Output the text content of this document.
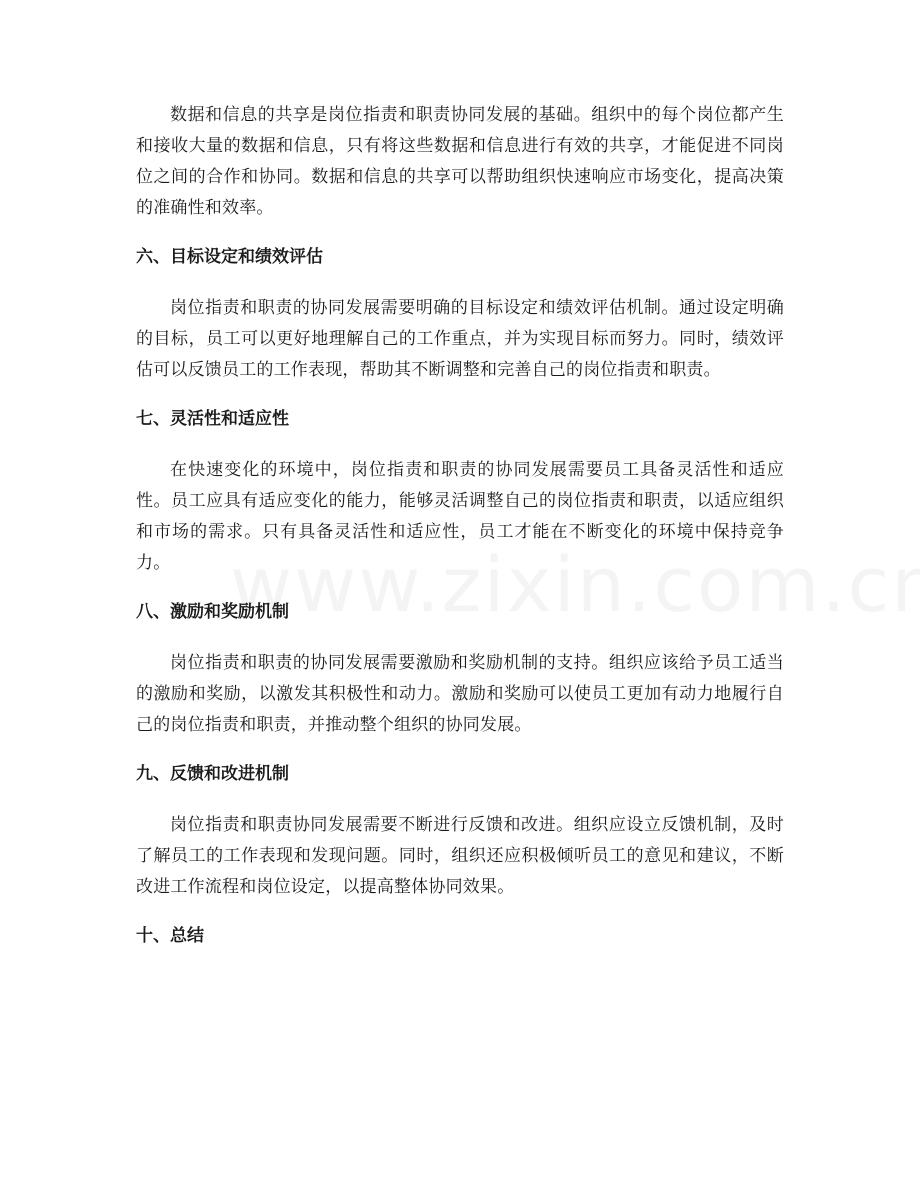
数据和信息的共享是岗位指责和职责协同发展的基础。组织中的每个岗位都产生和接收大量的数据和信息，只有将这些数据和信息进行有效的共享，才能促进不同岗位之间的合作和协同。数据和信息的共享可以帮助组织快速响应市场变化，提高决策的准确性和效率。

六、目标设定和绩效评估

岗位指责和职责的协同发展需要明确的目标设定和绩效评估机制。通过设定明确的目标，员工可以更好地理解自己的工作重点，并为实现目标而努力。同时，绩效评估可以反馈员工的工作表现，帮助其不断调整和完善自己的岗位指责和职责。

七、灵活性和适应性

在快速变化的环境中，岗位指责和职责的协同发展需要员工具备灵活性和适应性。员工应具有适应变化的能力，能够灵活调整自己的岗位指责和职责，以适应组织和市场的需求。只有具备灵活性和适应性，员工才能在不断变化的环境中保持竞争力。

八、激励和奖励机制

岗位指责和职责的协同发展需要激励和奖励机制的支持。组织应该给予员工适当的激励和奖励，以激发其积极性和动力。激励和奖励可以使员工更加有动力地履行自己的岗位指责和职责，并推动整个组织的协同发展。

九、反馈和改进机制

岗位指责和职责协同发展需要不断进行反馈和改进。组织应设立反馈机制，及时了解员工的工作表现和发现问题。同时，组织还应积极倾听员工的意见和建议，不断改进工作流程和岗位设定，以提高整体协同效果。

十、总结
